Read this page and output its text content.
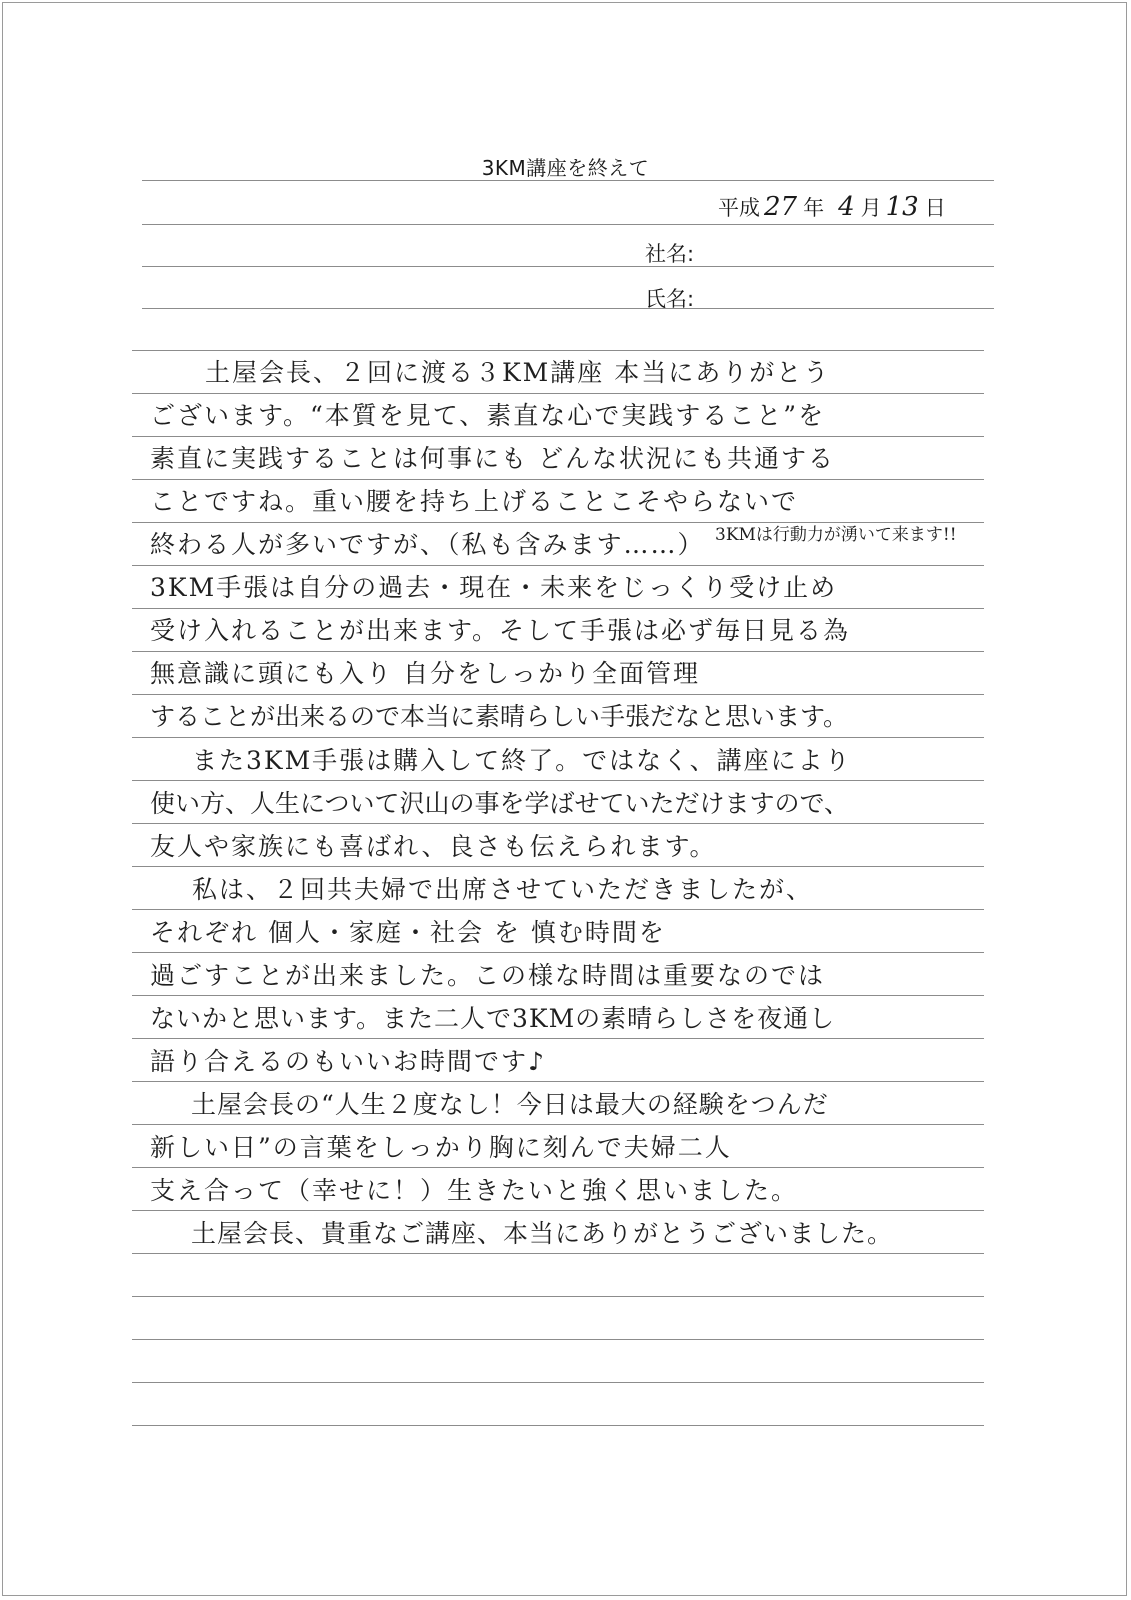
3KM講座を終えて
平成 27 年 4 月 13 日
社名:
氏名:
　土屋会長、２回に渡る３KM講座 本当にありがとう
ございます。“本質を見て、素直な心で実践すること”を
素直に実践することは何事にも どんな状況にも共通する
ことですね。重い腰を持ち上げることこそやらないで
終わる人が多いですが、（私も含みます……） 3KMは行動力が湧いて来ます!!
3KM手張は自分の過去・現在・未来をじっくり受け止め
受け入れることが出来ます。そして手張は必ず毎日見る為
無意識に頭にも入り 自分をしっかり全面管理
することが出来るので本当に素晴らしい手張だなと思います。
　また3KM手張は購入して終了。ではなく、講座により
使い方、人生について沢山の事を学ばせていただけますので、
友人や家族にも喜ばれ、良さも伝えられます。
　私は、２回共夫婦で出席させていただきましたが、
それぞれ 個人・家庭・社会 を 慎む時間を
過ごすことが出来ました。この様な時間は重要なのでは
ないかと思います。また二人で3KMの素晴らしさを夜通し
語り合えるのもいいお時間です♪
　土屋会長の“人生２度なし！今日は最大の経験をつんだ
新しい日”の言葉をしっかり胸に刻んで夫婦二人
支え合って（幸せに！）生きたいと強く思いました。
　土屋会長、貴重なご講座、本当にありがとうございました。
